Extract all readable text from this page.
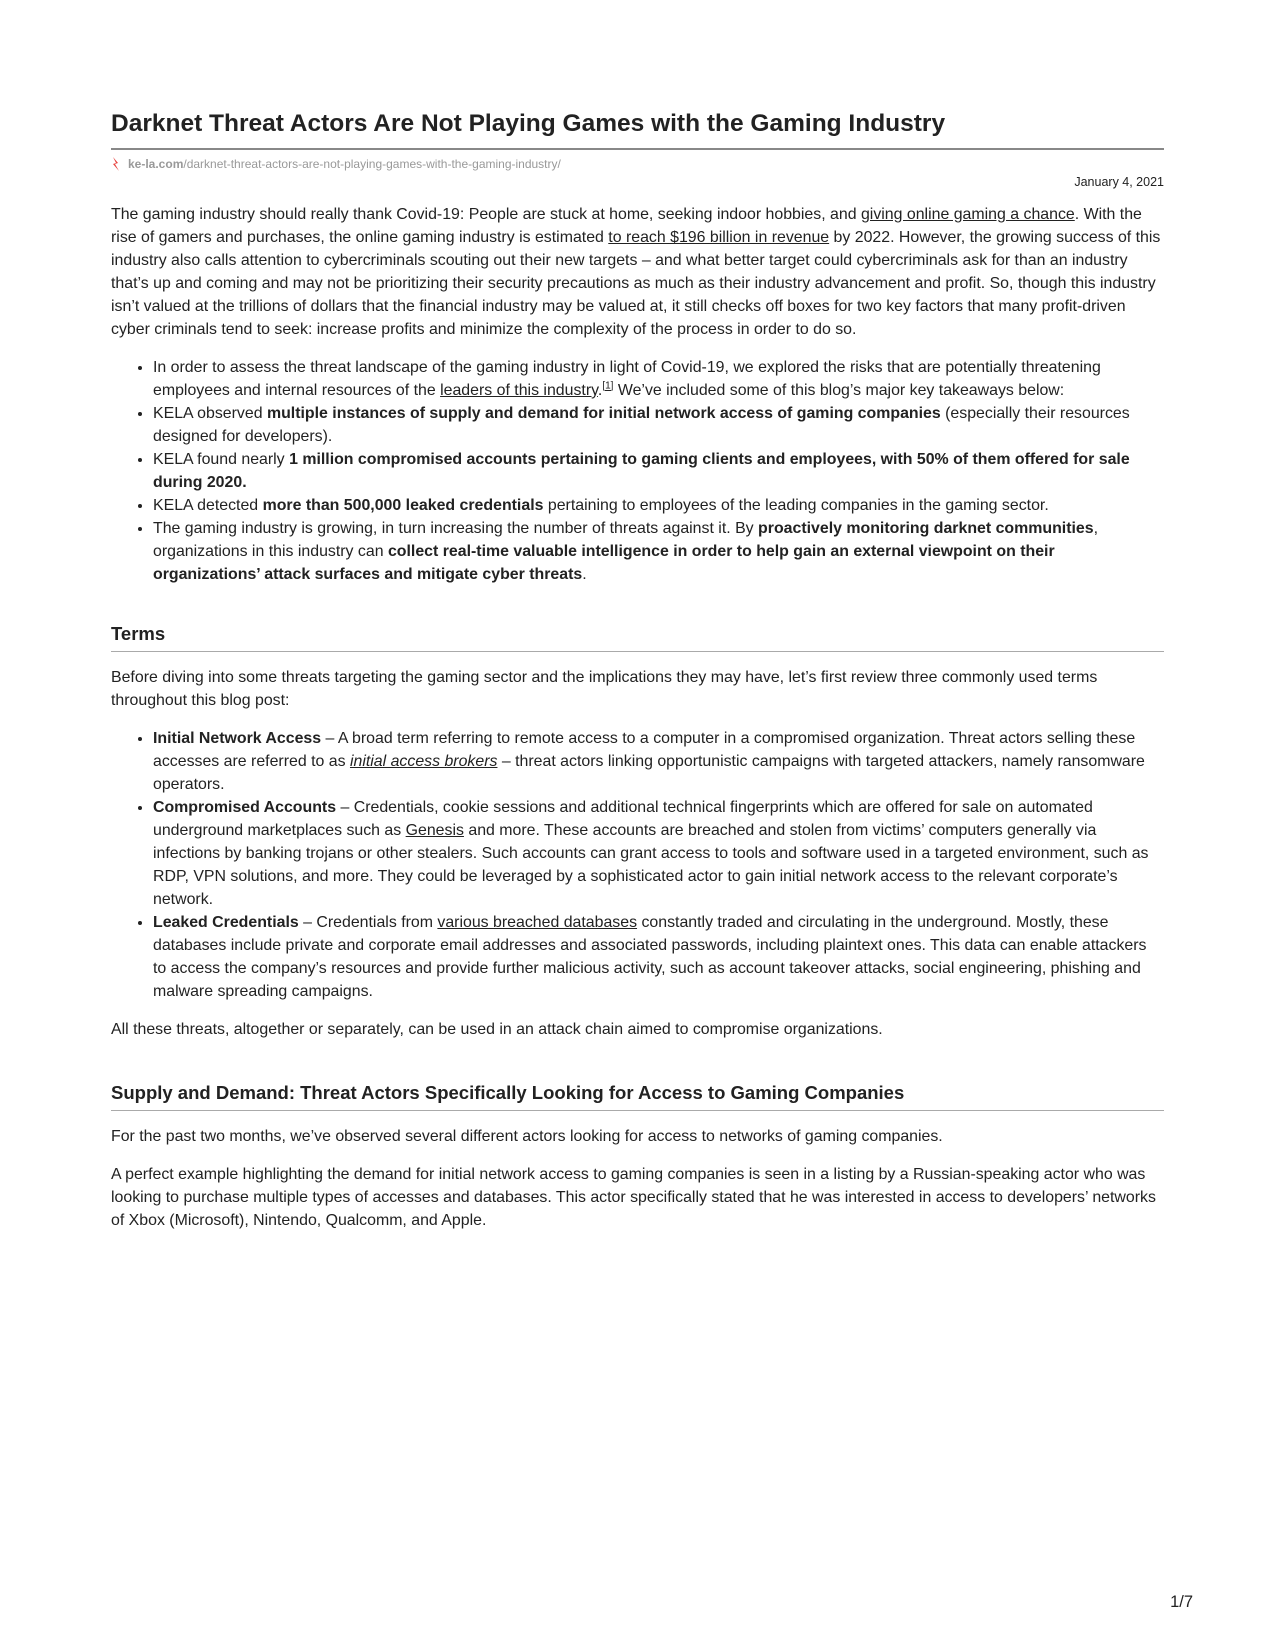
Darknet Threat Actors Are Not Playing Games with the Gaming Industry
ke-la.com/darknet-threat-actors-are-not-playing-games-with-the-gaming-industry/
January 4, 2021

The gaming industry should really thank Covid-19: People are stuck at home, seeking indoor hobbies, and giving online gaming a chance. With the rise of gamers and purchases, the online gaming industry is estimated to reach $196 billion in revenue by 2022. However, the growing success of this industry also calls attention to cybercriminals scouting out their new targets – and what better target could cybercriminals ask for than an industry that’s up and coming and may not be prioritizing their security precautions as much as their industry advancement and profit. So, though this industry isn’t valued at the trillions of dollars that the financial industry may be valued at, it still checks off boxes for two key factors that many profit-driven cyber criminals tend to seek: increase profits and minimize the complexity of the process in order to do so.

• In order to assess the threat landscape of the gaming industry in light of Covid-19, we explored the risks that are potentially threatening employees and internal resources of the leaders of this industry.[1] We’ve included some of this blog’s major key takeaways below:
• KELA observed multiple instances of supply and demand for initial network access of gaming companies (especially their resources designed for developers).
• KELA found nearly 1 million compromised accounts pertaining to gaming clients and employees, with 50% of them offered for sale during 2020.
• KELA detected more than 500,000 leaked credentials pertaining to employees of the leading companies in the gaming sector.
• The gaming industry is growing, in turn increasing the number of threats against it. By proactively monitoring darknet communities, organizations in this industry can collect real-time valuable intelligence in order to help gain an external viewpoint on their organizations’ attack surfaces and mitigate cyber threats.
Terms

Before diving into some threats targeting the gaming sector and the implications they may have, let’s first review three commonly used terms throughout this blog post:

• Initial Network Access – A broad term referring to remote access to a computer in a compromised organization. Threat actors selling these accesses are referred to as initial access brokers – threat actors linking opportunistic campaigns with targeted attackers, namely ransomware operators.
• Compromised Accounts – Credentials, cookie sessions and additional technical fingerprints which are offered for sale on automated underground marketplaces such as Genesis and more. These accounts are breached and stolen from victims’ computers generally via infections by banking trojans or other stealers. Such accounts can grant access to tools and software used in a targeted environment, such as RDP, VPN solutions, and more. They could be leveraged by a sophisticated actor to gain initial network access to the relevant corporate’s network.
• Leaked Credentials – Credentials from various breached databases constantly traded and circulating in the underground. Mostly, these databases include private and corporate email addresses and associated passwords, including plaintext ones. This data can enable attackers to access the company’s resources and provide further malicious activity, such as account takeover attacks, social engineering, phishing and malware spreading campaigns.

All these threats, altogether or separately, can be used in an attack chain aimed to compromise organizations.

Supply and Demand: Threat Actors Specifically Looking for Access to Gaming Companies

For the past two months, we’ve observed several different actors looking for access to networks of gaming companies.

A perfect example highlighting the demand for initial network access to gaming companies is seen in a listing by a Russian-speaking actor who was looking to purchase multiple types of accesses and databases. This actor specifically stated that he was interested in access to developers’ networks of Xbox (Microsoft), Nintendo, Qualcomm, and Apple.

1/7
